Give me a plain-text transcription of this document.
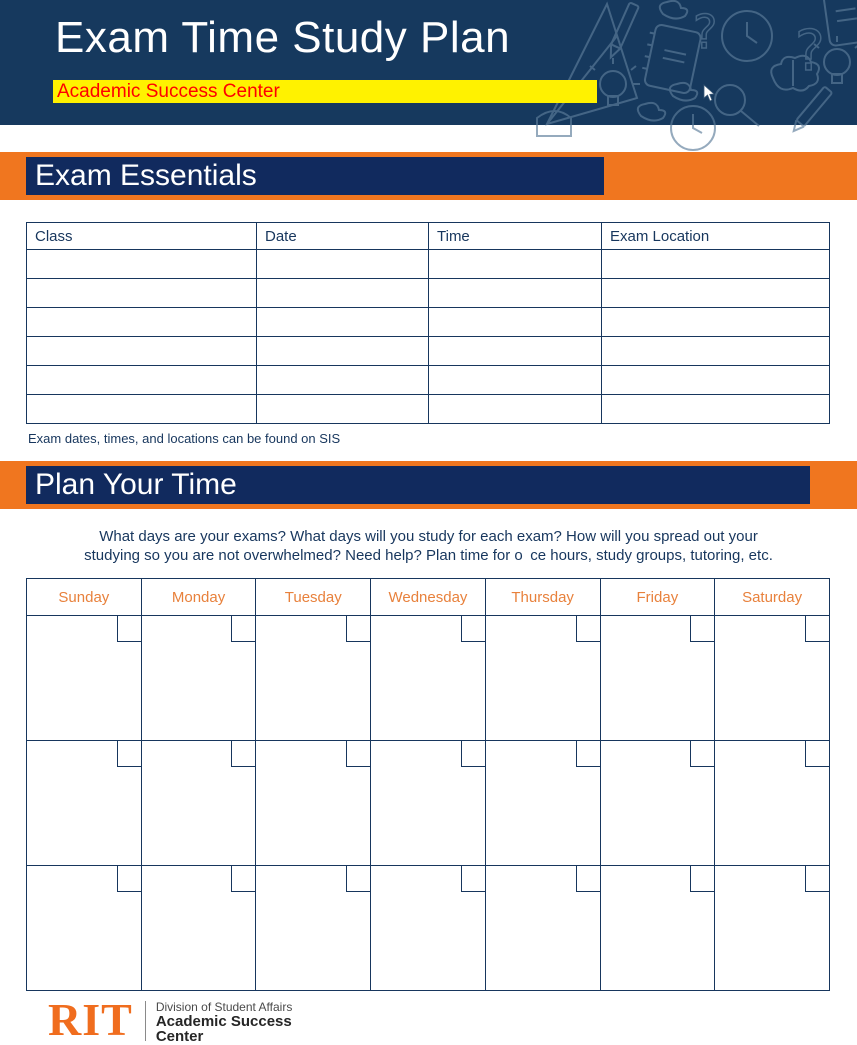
? ?
Exam Time Study Plan
Academic Success Center
Exam Essentials
Class	Date	Time	Exam Location

Exam dates, times, and locations can be found on SIS
Plan Your Time
What days are your exams? What days will you study for each exam? How will you spread out your
studying so you are not overwhelmed? Need help? Plan time for o ce hours, study groups, tutoring, etc.
Sunday	Monday	Tuesday	Wednesday	Thursday	Friday	Saturday

RIT Division of Student Affairs
Academic Success
Center
